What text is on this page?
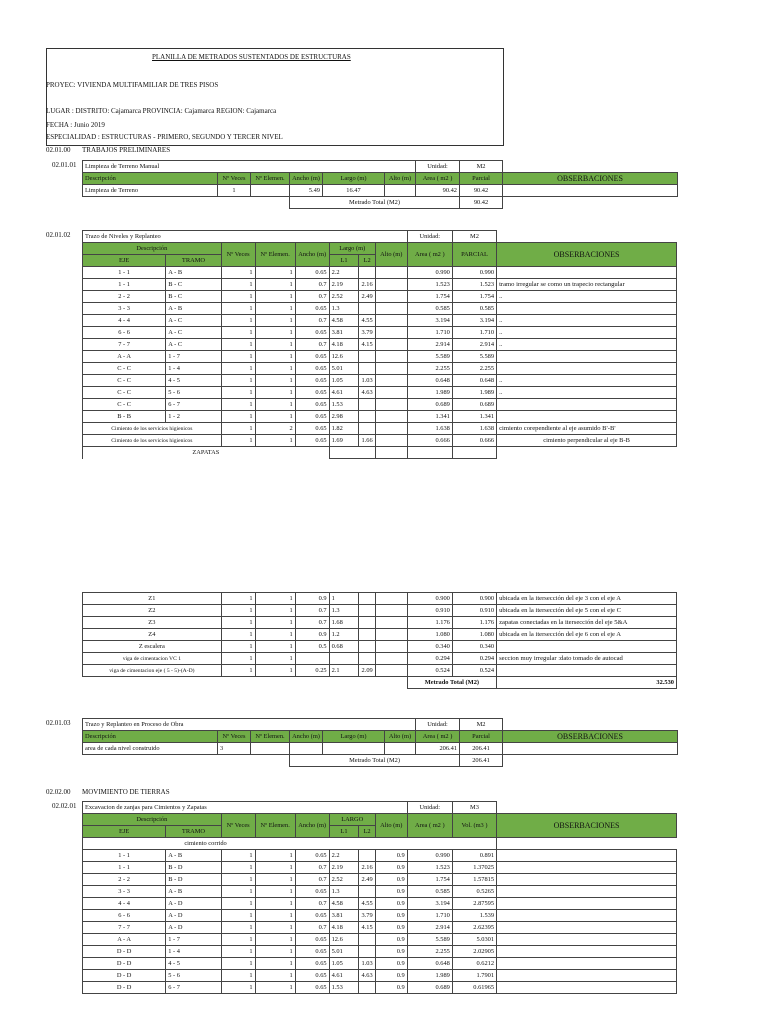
PLANILLA DE METRADOS SUSTENTADOS DE ESTRUCTURAS
PROYEC: VIVIENDA MULTIFAMILIAR DE TRES PISOS
LUGAR : DISTRITO: Cajamarca PROVINCIA: Cajamarca REGION: Cajamarca
FECHA : Junio 2019
ESPECIALIDAD : ESTRUCTURAS - PRIMERO, SEGUNDO Y TERCER NIVEL
02.01.00 TRABAJOS PRELIMINARES
02.01.01 Limpieza de Terreno Manual						Unidad:	M2	
Descripción	Nº Veces	Nº Elemen.	Ancho (m)	Largo (m)	Alto (m)	Area ( m2 )	Parcial	OBSERBACIONES
Limpieza de Terreno	1		5.49	16.47		90.42	90.42	
			Metrado Total (M2)				90.42	
02.01.02 Trazo de Niveles y Replanteo								Unidad:	M2	
Descripción		Nº Veces	Nº Elemen.	Ancho (m)	Largo (m)		Alto (m)	Area ( m2 )	PARCIAL	OBSERBACIONES
EJE	TRAMO				L1	L2				
1 - 1	A - B	1	1	0.65	2.2			0.990	0.990	
1 - 1	B - C	1	1	0.7	2.19	2.16		1.523	1.523	tramo irregular se como un trapecio rectangular
2 - 2	B - C	1	1	0.7	2.52	2.49		1.754	1.754	..
3 - 3	A - B	1	1	0.65	1.3			0.585	0.585	
4 - 4	A - C	1	1	0.7	4.58	4.55		3.194	3.194	..
6 - 6	A - C	1	1	0.65	3.81	3.79		1.710	1.710	..
7 - 7	A - C	1	1	0.7	4.18	4.15		2.914	2.914	..
A - A	1 - 7	1	1	0.65	12.6			5.589	5.589	
C - C	1 - 4	1	1	0.65	5.01			2.255	2.255	
C - C	4 - 5	1	1	0.65	1.05	1.03		0.648	0.648	..
C - C	5 - 6	1	1	0.65	4.61	4.63		1.989	1.989	..
C - C	6 - 7	1	1	0.65	1.53			0.689	0.689	
B - B	1 - 2	1	1	0.65	2.98			1.341	1.341	
Cimiento de los servicios higienicos		1	2	0.65	1.82			1.638	1.638	cimiento corependiente al eje asumido B'-B'
Cimiento de los servicios higienicos		1	1	0.65	1.69	1.66		0.666	0.666	cimiento perpendicular al eje B-B
ZAPATAS										
Z1	1	1	0.9	1			0.900	0.900	ubicada en la itersección del eje 3 con el eje A
Z2	1	1	0.7	1.3			0.910	0.910	ubicada en la itersección del eje 5 con el eje C
Z3	1	1	0.7	1.68			1.176	1.176	zapatas conectadas en la itersección del eje 5&A
Z4	1	1	0.9	1.2			1.080	1.080	ubicada en la itersección del eje 6 con el eje A
Z escalera	1	1	0.5	0.68			0.340	0.340	
viga de cimentacion VC 1	1	1					0.294	0.294	seccion muy irregular :dato tomado de autocad
viga de cimentacion eje ( 5 - 5)-(A-D)	1	1	0.25	2.1	2.09		0.524	0.524	
							Metrado Total (M2)		32.530
02.01.03 Trazo y Replanteo en Proceso de Obra						Unidad:	M2	
Descripción	Nº Veces	Nº Elemen.	Ancho (m)	Largo (m)	Alto (m)	Area ( m2 )	Parcial	OBSERBACIONES
area de cada nivel construido	3					206.41	206.41	
			Metrado Total (M2)				206.41	
02.02.00 MOVIMIENTO DE TIERRAS
02.02.01 Excavacion de zanjas para Cimientos y Zapatas								Unidad:	M3	
Descripción		Nº Veces	Nº Elemen.	Ancho (m)	LARGO		Alto (m)	Area ( m2 )	Vol. (m3 )	OBSERBACIONES
EJE	TRAMO				L1	L2				
cimiento corrido										
1 - 1	A - B	1	1	0.65	2.2		0.9	0.990	0.891	
1 - 1	B - D	1	1	0.7	2.19	2.16	0.9	1.523	1.37025	
2 - 2	B - D	1	1	0.7	2.52	2.49	0.9	1.754	1.57815	
3 - 3	A - B	1	1	0.65	1.3		0.9	0.585	0.5265	
4 - 4	A - D	1	1	0.7	4.58	4.55	0.9	3.194	2.87595	
6 - 6	A - D	1	1	0.65	3.81	3.79	0.9	1.710	1.539	
7 - 7	A - D	1	1	0.7	4.18	4.15	0.9	2.914	2.62395	
A - A	1 - 7	1	1	0.65	12.6		0.9	5.589	5.0301	
D - D	1 - 4	1	1	0.65	5.01		0.9	2.255	2.02905	
D - D	4 - 5	1	1	0.65	1.05	1.03	0.9	0.648	0.6212	
D - D	5 - 6	1	1	0.65	4.61	4.63	0.9	1.989	1.7901	
D - D	6 - 7	1	1	0.65	1.53		0.9	0.689	0.61965	
